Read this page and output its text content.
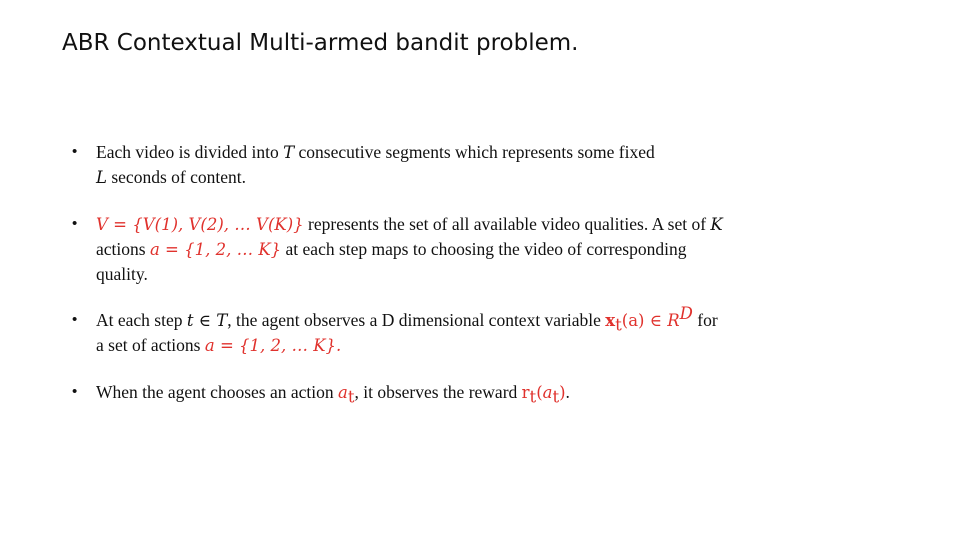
ABR Contextual Multi-armed bandit problem.
•	Each video is divided into T consecutive segments which represents some fixed
L seconds of content.
•	V = {V(1), V(2), … V(K)} represents the set of all available video qualities. A set of K
actions a = {1, 2, … K} at each step maps to choosing the video of corresponding
quality.
•	At each step t ∈ T, the agent observes a D dimensional context variable $x_t(a)$ ∈ $R^D$ for
a set of actions a = {1, 2, … K}.
•	When the agent chooses an action $a_t$, it observes the reward $r_t(a_t)$.
